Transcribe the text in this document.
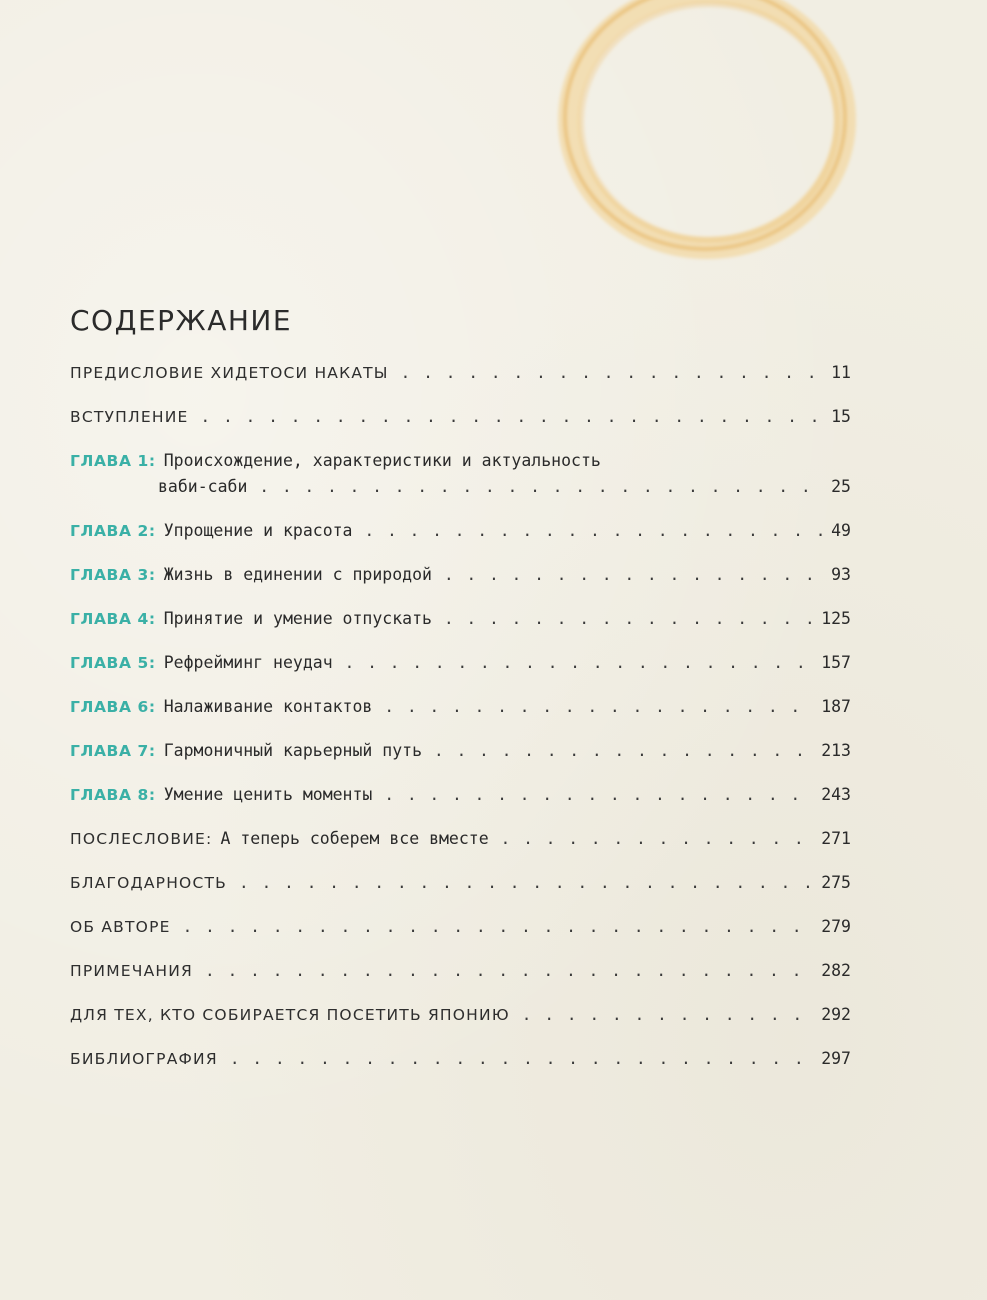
СОДЕРЖАНИЕ
ПРЕДИСЛОВИЕ ХИДЕТОСИ НАКАТЫ . . .	11
ВСТУПЛЕНИЕ . . .	15
ГЛАВА 1: Происхождение, характеристики и актуальность
ваби-саби . . .	25
ГЛАВА 2: Упрощение и красота . . .	49
ГЛАВА 3: Жизнь в единении с природой . . .	93
ГЛАВА 4: Принятие и умение отпускать . . .	125
ГЛАВА 5: Рефрейминг неудач . . .	157
ГЛАВА 6: Налаживание контактов . . .	187
ГЛАВА 7: Гармоничный карьерный путь . . .	213
ГЛАВА 8: Умение ценить моменты . . .	243
ПОСЛЕСЛОВИЕ: А теперь соберем все вместе . . .	271
БЛАГОДАРНОСТЬ . . .	275
ОБ АВТОРЕ . . .	279
ПРИМЕЧАНИЯ . . .	282
ДЛЯ ТЕХ, КТО СОБИРАЕТСЯ ПОСЕТИТЬ ЯПОНИЮ . . .	292
БИБЛИОГРАФИЯ . . .	297
